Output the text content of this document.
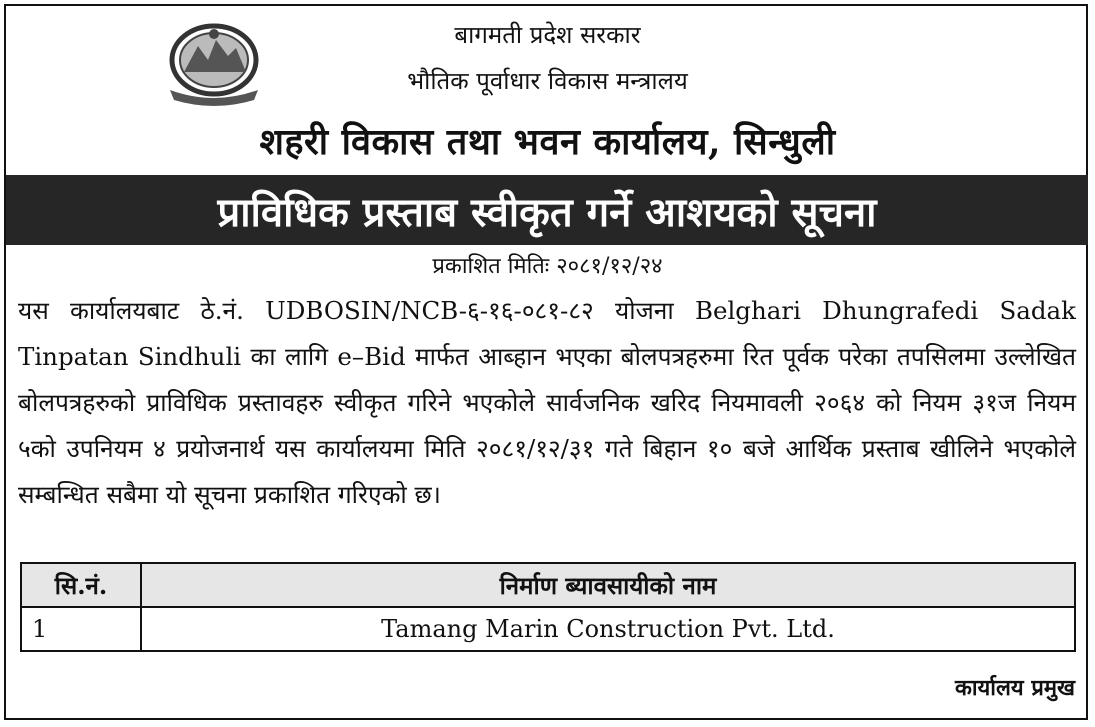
बागमती प्रदेश सरकार
भौतिक पूर्वाधार विकास मन्त्रालय
शहरी विकास तथा भवन कार्यालय, सिन्धुली
प्राविधिक प्रस्ताब स्वीकृत गर्ने आशयको सूचना
प्रकाशित मितिः २०८१/१२/२४
यस कार्यालयबाट ठे.नं. UDBOSIN/NCB-६-१६-०८१-८२ योजना Belghari Dhungrafedi Sadak Tinpatan Sindhuli का लागि e–Bid मार्फत आब्हान भएका बोलपत्रहरुमा रित पूर्वक परेका तपसिलमा उल्लेखित बोलपत्रहरुको प्राविधिक प्रस्तावहरु स्वीकृत गरिने भएकोले सार्वजनिक खरिद नियमावली २०६४ को नियम ३१ज नियम ५को उपनियम ४ प्रयोजनार्थ यस कार्यालयमा मिति २०८१/१२/३१ गते बिहान १० बजे आर्थिक प्रस्ताब खीलिने भएकोले सम्बन्धित सबैमा यो सूचना प्रकाशित गरिएको छ।
सि.नं.	निर्माण ब्यावसायीको नाम
1	Tamang Marin Construction Pvt. Ltd.
कार्यालय प्रमुख
